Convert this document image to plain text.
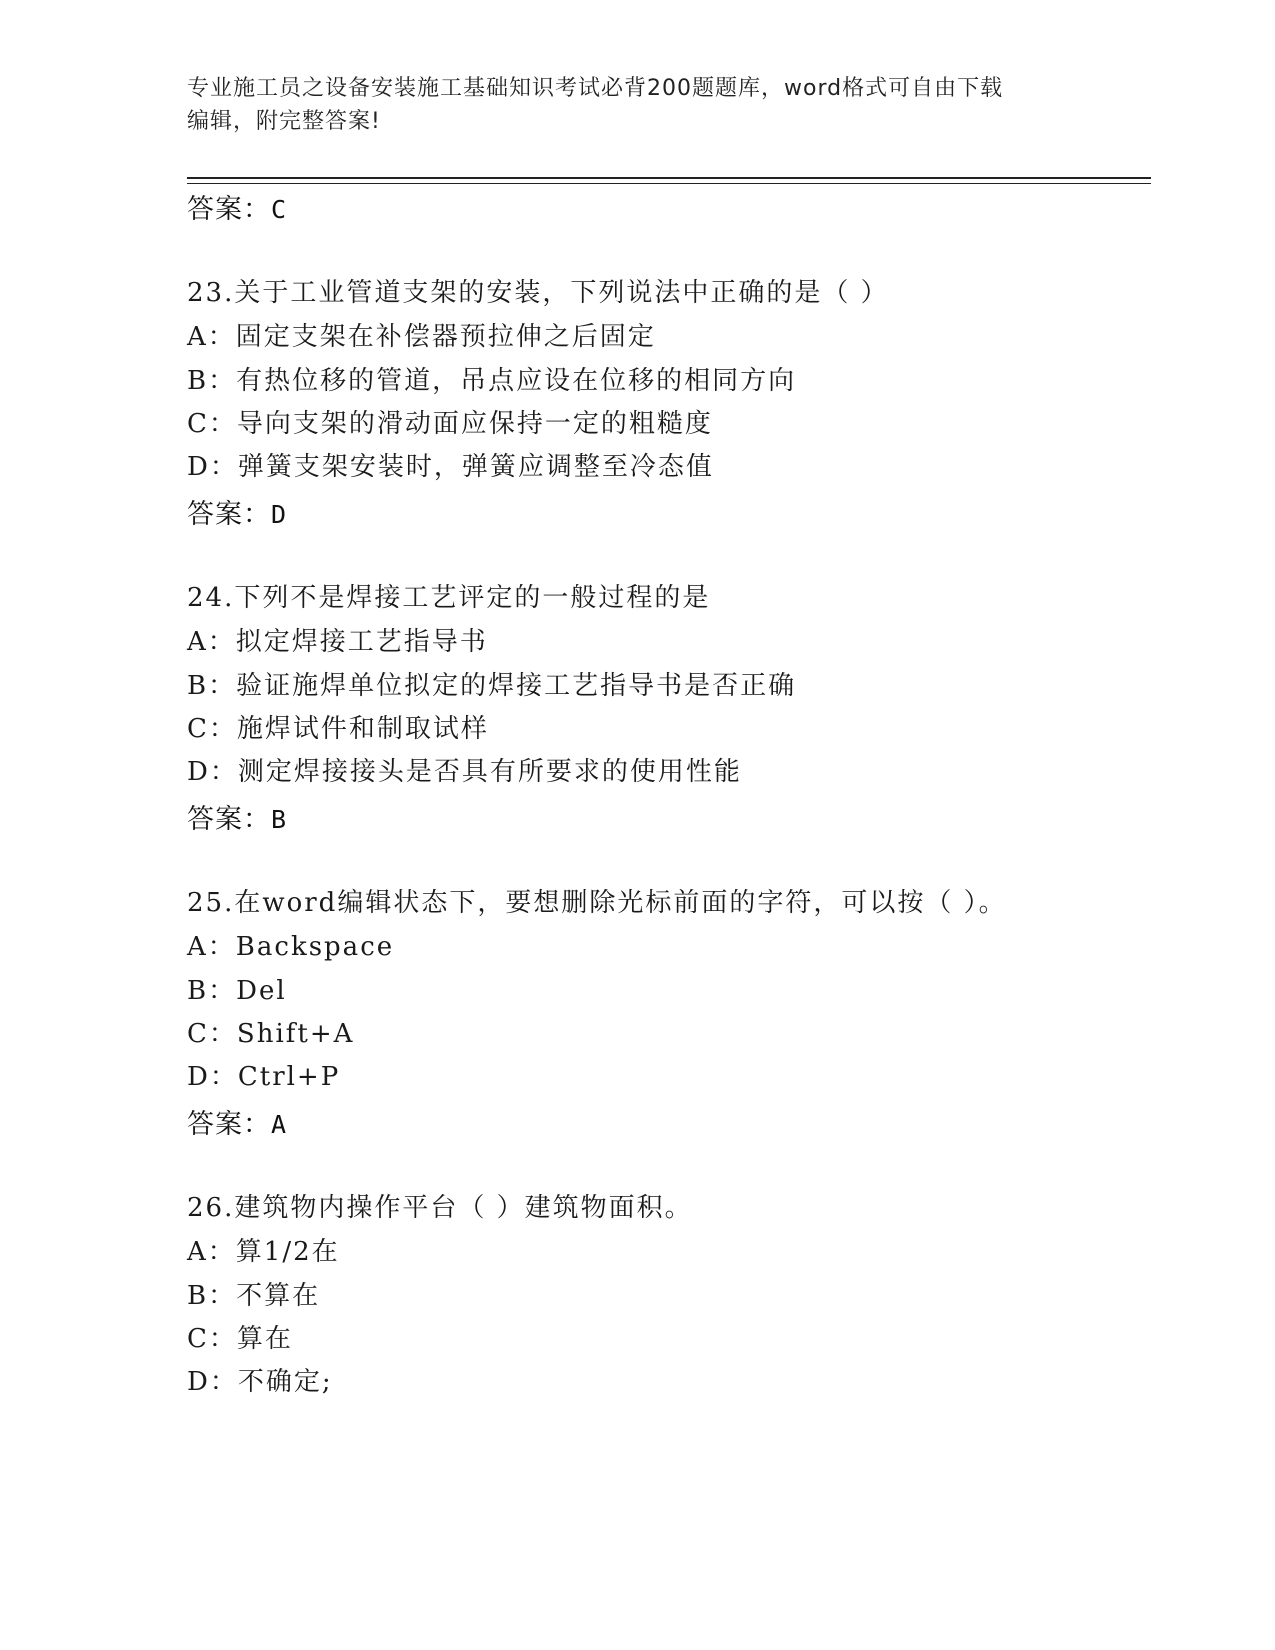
专业施工员之设备安装施工基础知识考试必背200题题库，word格式可自由下载
编辑，附完整答案!
答案：C
23.关于工业管道支架的安装，下列说法中正确的是（ ）
A：固定支架在补偿器预拉伸之后固定
B：有热位移的管道，吊点应设在位移的相同方向
C：导向支架的滑动面应保持一定的粗糙度
D：弹簧支架安装时，弹簧应调整至冷态值
答案：D
24.下列不是焊接工艺评定的一般过程的是
A：拟定焊接工艺指导书
B：验证施焊单位拟定的焊接工艺指导书是否正确
C：施焊试件和制取试样
D：测定焊接接头是否具有所要求的使用性能
答案：B
25.在word编辑状态下，要想删除光标前面的字符，可以按（ ）。
A：Backspace
B：Del
C：Shift+A
D：Ctrl+P
答案：A
26.建筑物内操作平台（ ）建筑物面积。
A：算1/2在
B：不算在
C：算在
D：不确定;
